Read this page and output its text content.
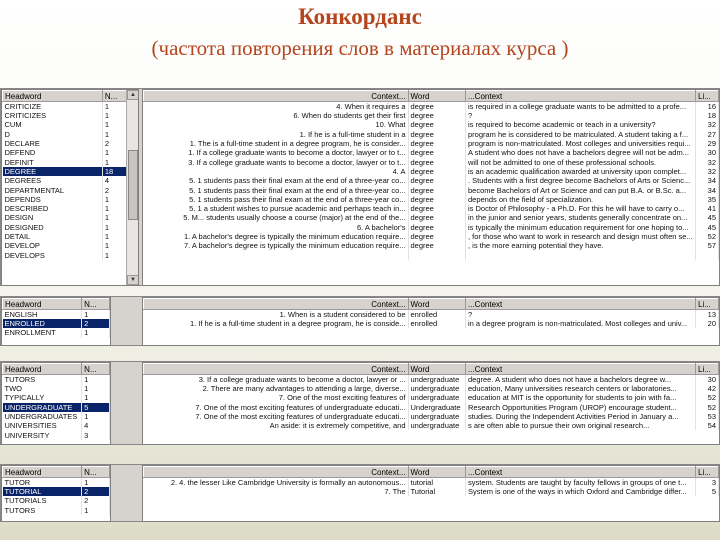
Конкорданс
(частота повторения слов в материалах курса )
Headword	N...
CRITICIZE	1
CRITICIZES	1
CUM	1
D	1
DECLARE	2
DEFEND	1
DEFINIT	1
DEGREE	18
DEGREES	4
DEPARTMENTAL	2
DEPENDS	1
DESCRIBED	1
DESIGN	1
DESIGNED	1
DETAIL	1
DEVELOP	1
DEVELOPS	1
▲
▼
Context...	Word	...Context	Li...
4. When it requires a	degree	is required in a college graduate wants to be admitted to a profe...	16
6. When do students get their first	degree	?	18
10. What	degree	is required to become academic or teach in a university?	32
1. If he is a full-time student in a	degree	program he is considered to be matriculated. A student taking a f...	27
1. The is a full-time student in a degree program, he is consider...	degree	program is non-matriculated. Most colleges and universities requi...	29
1. If a college graduate wants to become a doctor, lawyer or to t...	degree	A student who does not have a bachelors degree will not be adm...	30
3. If a college graduate wants to become a doctor, lawyer or to t...	degree	will not be admitted to one of these professional schools.	32
4. A	degree	is an academic qualification awarded at university upon complet...	32
5. 1 students pass their final exam at the end of a three-year co...	degree	. Students with a first degree become Bachelors of Arts or Scienc...	34
5. 1 students pass their final exam at the end of a three-year co...	degree	become Bachelors of Art or Science and can put B.A. or B.Sc. a...	34
5. 1 students pass their final exam at the end of a three-year co...	degree	depends on the field of specialization.	35
5. 1 a student wishes to pursue academic and perhaps teach in...	degree	is Doctor of Philosophy - a Ph.D. For this he will have to carry o...	41
5. M... students usually choose a course (major) at the end of the...	degree	in the junior and senior years, students generally concentrate on...	45
6. A bachelor's	degree	is typically the minimum education requirement for one hoping to...	45
1. A bachelor's degree is typically the minimum education require...	degree	, for those who want to work in research and design must often se...	52
7. A bachelor's degree is typically the minimum education require...	degree	, is the more earning potential they have.	57

Headword	N...
ENGLISH	1
ENROLLED	2
ENROLLMENT	1
Context...	Word	...Context	Li...
1. When is a student considered to be	enrolled	?	13
1. If he is a full-time student in a degree program, he is conside...	enrolled	in a degree program is non-matriculated. Most colleges and univ...	20
Headword	N...
TUTORS	1
TWO	1
TYPICALLY	1
UNDERGRADUATE	5
UNDERGRADUATES	1
UNIVERSITIES	4
UNIVERSITY	3
Context...	Word	...Context	Li...
3. If a college graduate wants to become a doctor, lawyer or ...	undergraduate	degree. A student who does not have a bachelors degree w...	30
2. There are many advantages to attending a large, diverse...	undergraduate	education, Many universities research centers or laboratories...	42
7. One of the most exciting features of	undergraduate	education at MIT is the opportunity for students to join with fa...	52
7. One of the most exciting features of undergraduate educati...	Undergraduate	Research Opportunities Program (UROP) encourage student...	52
7. One of the most exciting features of undergraduate educati...	undergraduate	studies. During the Independent Activities Period in January a...	53
An aside: it is extremely competitive, and	undergraduate	s are often able to pursue their own original research...	54
Headword	N...
TUTOR	1
TUTORIAL	2
TUTORIALS	2
TUTORS	1
Context...	Word	...Context	Li...
2. 4. the lesser Like Cambridge University is formally an autonomous...	tutorial	system. Students are taught by faculty fellows in groups of one t...	3
7. The	Tutorial	System is one of the ways in which Oxford and Cambridge differ...	5
